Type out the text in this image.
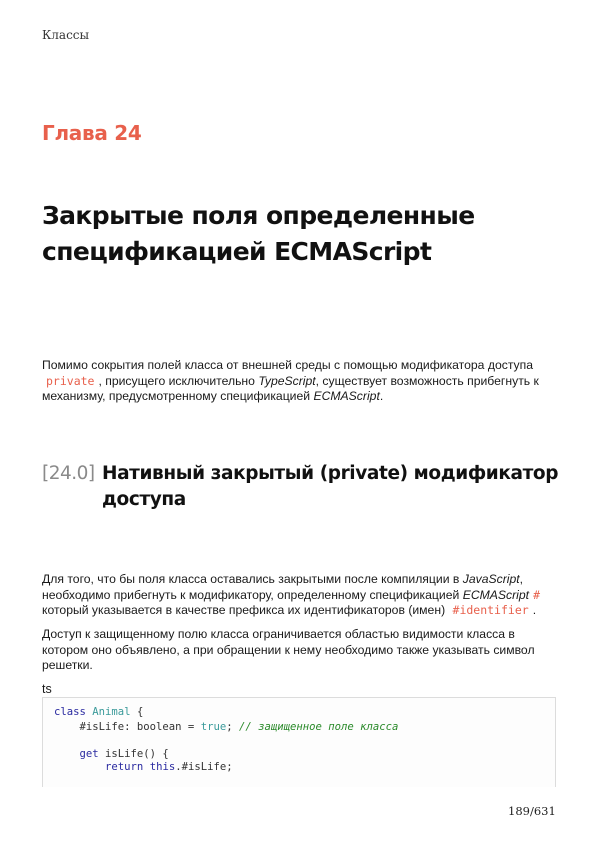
Классы
Глава 24
Закрытые поля определенные спецификацией ECMAScript
Помимо сокрытия полей класса от внешней среды с помощью модификатора доступа private , присущего исключительно TypeScript, существует возможность прибегнуть к механизму, предусмотренному спецификацией ECMAScript.
[24.0] Нативный закрытый (private) модификатор доступа
Для того, что бы поля класса оставались закрытыми после компиляции в JavaScript, необходимо прибегнуть к модификатору, определенному спецификацией ECMAScript # который указывается в качестве префикса их идентификаторов (имен) #identifier .
Доступ к защищенному полю класса ограничивается областью видимости класса в котором оно объявлено, а при обращении к нему необходимо также указывать символ решетки.
ts
class Animal {
#isLife: boolean = true; // защищенное поле класса
get isLife() {
return this.#isLife;
189/631
